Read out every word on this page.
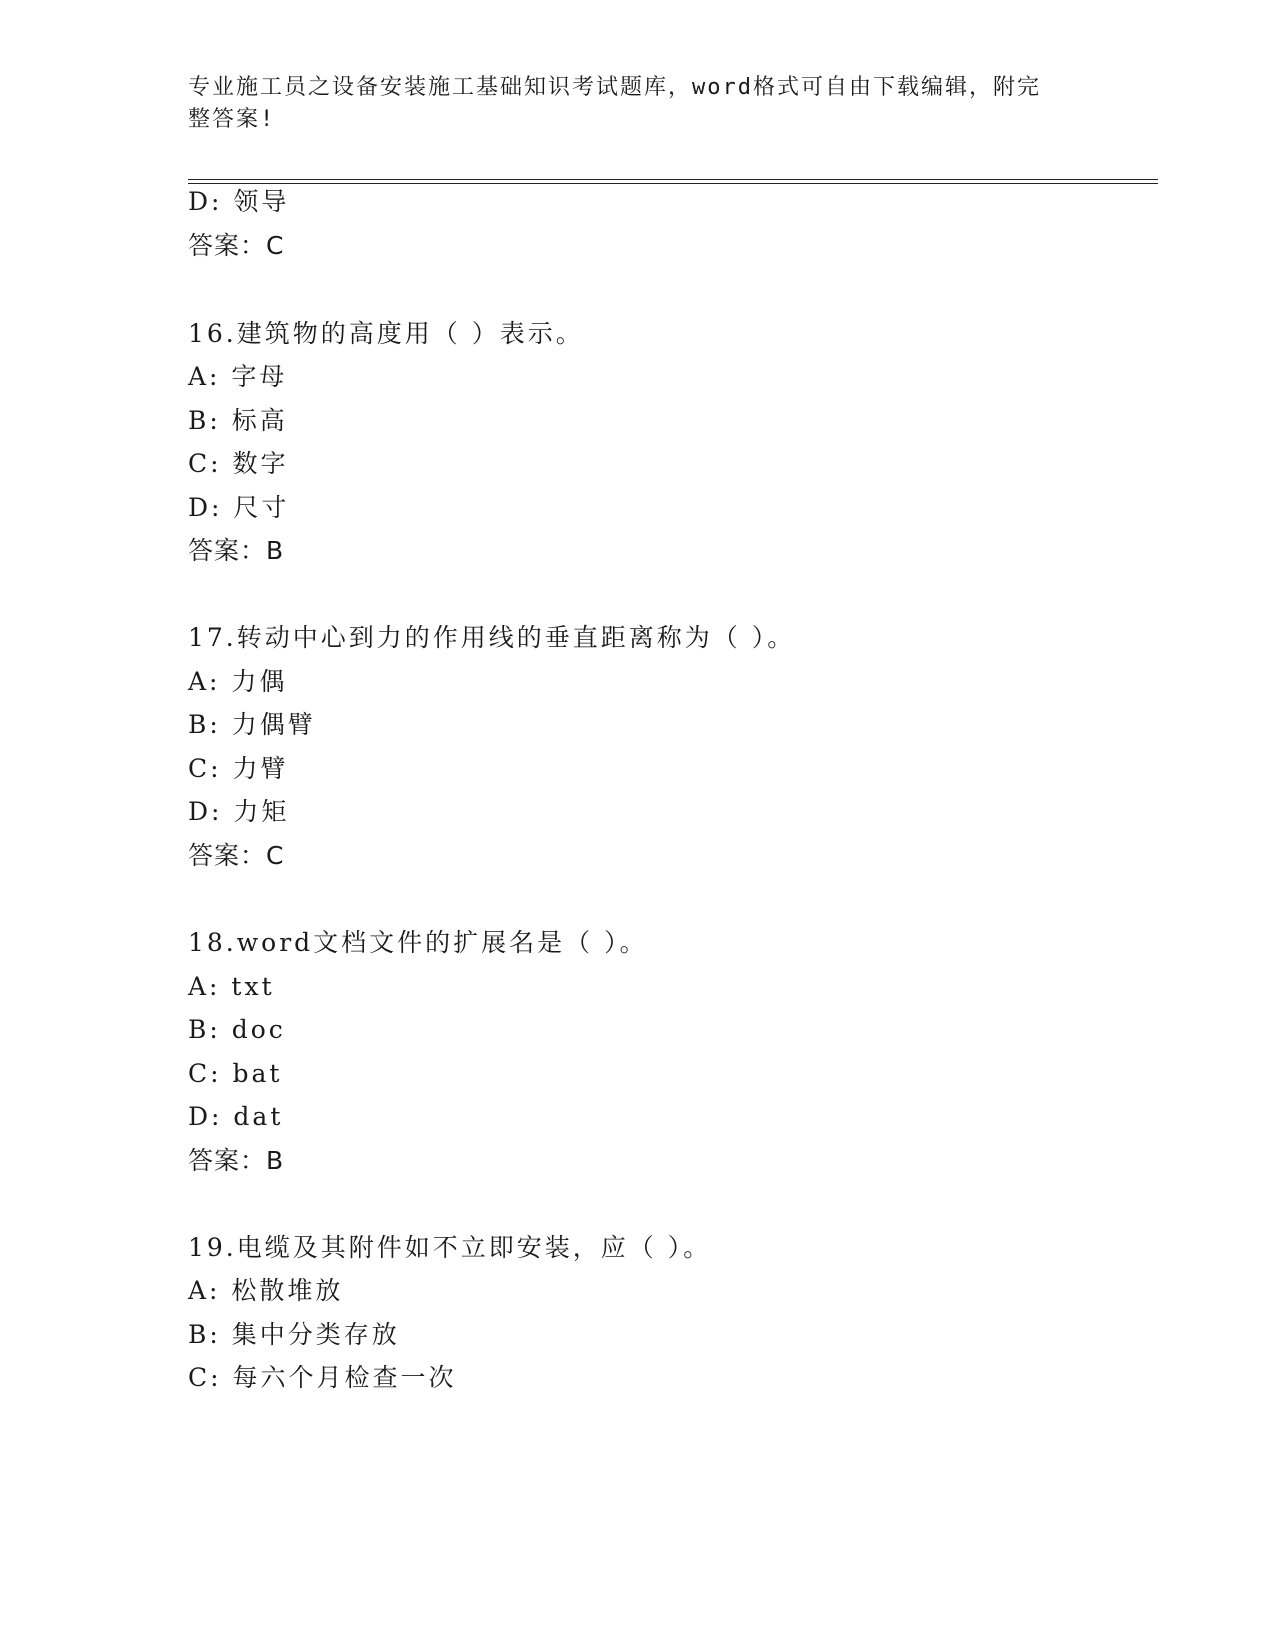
专业施工员之设备安装施工基础知识考试题库，word格式可自由下载编辑，附完
整答案!

D: 领导

答案：C

16.建筑物的高度用（ ）表示。

A: 字母

B: 标高

C: 数字

D: 尺寸

答案：B

17.转动中心到力的作用线的垂直距离称为（ ）。

A: 力偶

B: 力偶臂

C: 力臂

D: 力矩

答案：C

18.word文档文件的扩展名是（ ）。

A: txt

B: doc

C: bat

D: dat

答案：B

19.电缆及其附件如不立即安装，应（ ）。

A: 松散堆放

B: 集中分类存放

C: 每六个月检查一次
